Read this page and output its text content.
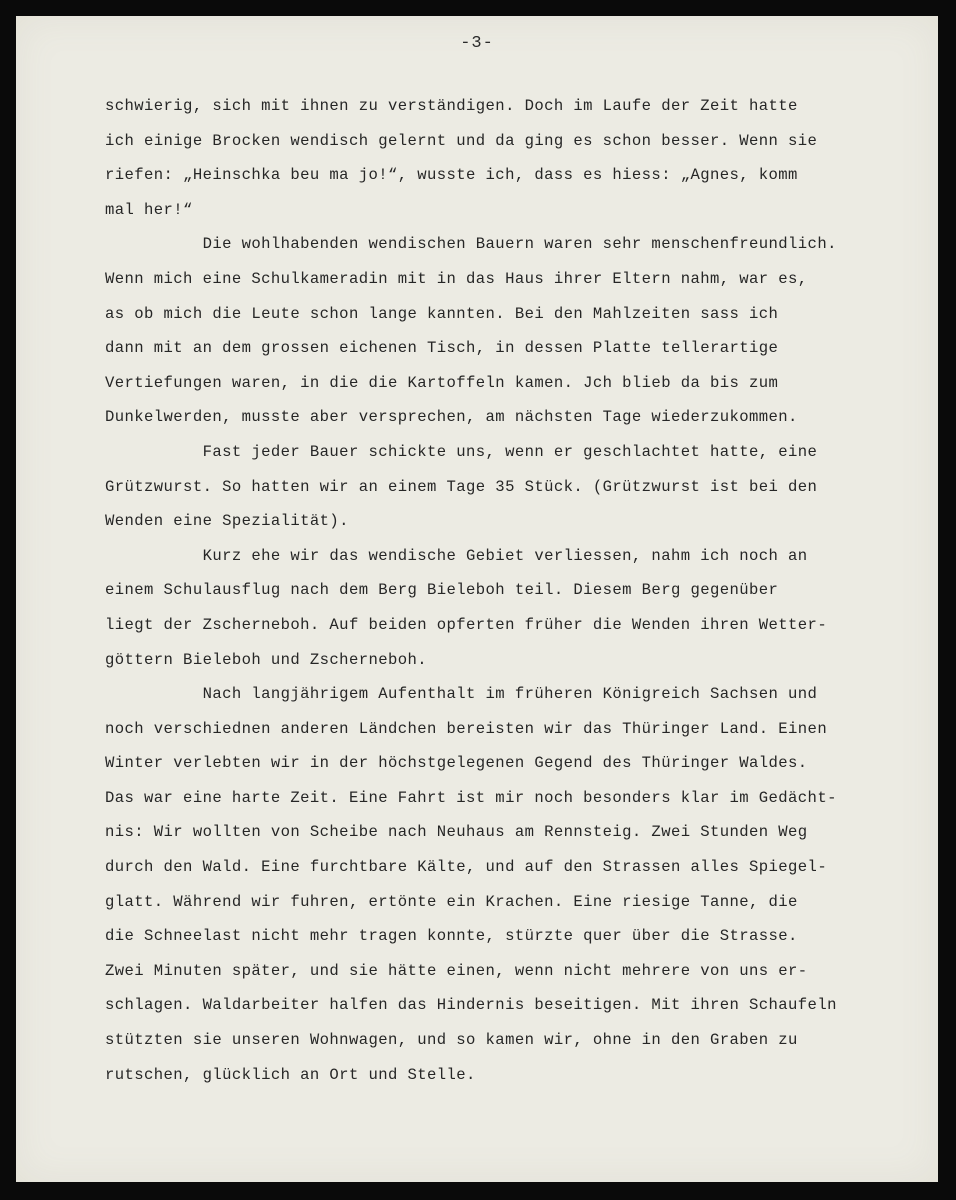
-3-
schwierig, sich mit ihnen zu verständigen. Doch im Laufe der Zeit hatte
ich einige Brocken wendisch gelernt und da ging es schon besser. Wenn sie
riefen: „Heinschka beu ma jo!“, wusste ich, dass es hiess: „Agnes, komm
mal her!“
Die wohlhabenden wendischen Bauern waren sehr menschenfreundlich.
Wenn mich eine Schulkameradin mit in das Haus ihrer Eltern nahm, war es,
as ob mich die Leute schon lange kannten. Bei den Mahlzeiten sass ich
dann mit an dem grossen eichenen Tisch, in dessen Platte tellerartige
Vertiefungen waren, in die die Kartoffeln kamen. Jch blieb da bis zum
Dunkelwerden, musste aber versprechen, am nächsten Tage wiederzukommen.
Fast jeder Bauer schickte uns, wenn er geschlachtet hatte, eine
Grützwurst. So hatten wir an einem Tage 35 Stück. (Grützwurst ist bei den
Wenden eine Spezialität).
Kurz ehe wir das wendische Gebiet verliessen, nahm ich noch an
einem Schulausflug nach dem Berg Bieleboh teil. Diesem Berg gegenüber
liegt der Zscherneboh. Auf beiden opferten früher die Wenden ihren Wetter-
göttern Bieleboh und Zscherneboh.
Nach langjährigem Aufenthalt im früheren Königreich Sachsen und
noch verschiednen anderen Ländchen bereisten wir das Thüringer Land. Einen
Winter verlebten wir in der höchstgelegenen Gegend des Thüringer Waldes.
Das war eine harte Zeit. Eine Fahrt ist mir noch besonders klar im Gedächt-
nis: Wir wollten von Scheibe nach Neuhaus am Rennsteig. Zwei Stunden Weg
durch den Wald. Eine furchtbare Kälte, und auf den Strassen alles Spiegel-
glatt. Während wir fuhren, ertönte ein Krachen. Eine riesige Tanne, die
die Schneelast nicht mehr tragen konnte, stürzte quer über die Strasse.
Zwei Minuten später, und sie hätte einen, wenn nicht mehrere von uns er-
schlagen. Waldarbeiter halfen das Hindernis beseitigen. Mit ihren Schaufeln
stützten sie unseren Wohnwagen, und so kamen wir, ohne in den Graben zu
rutschen, glücklich an Ort und Stelle.
